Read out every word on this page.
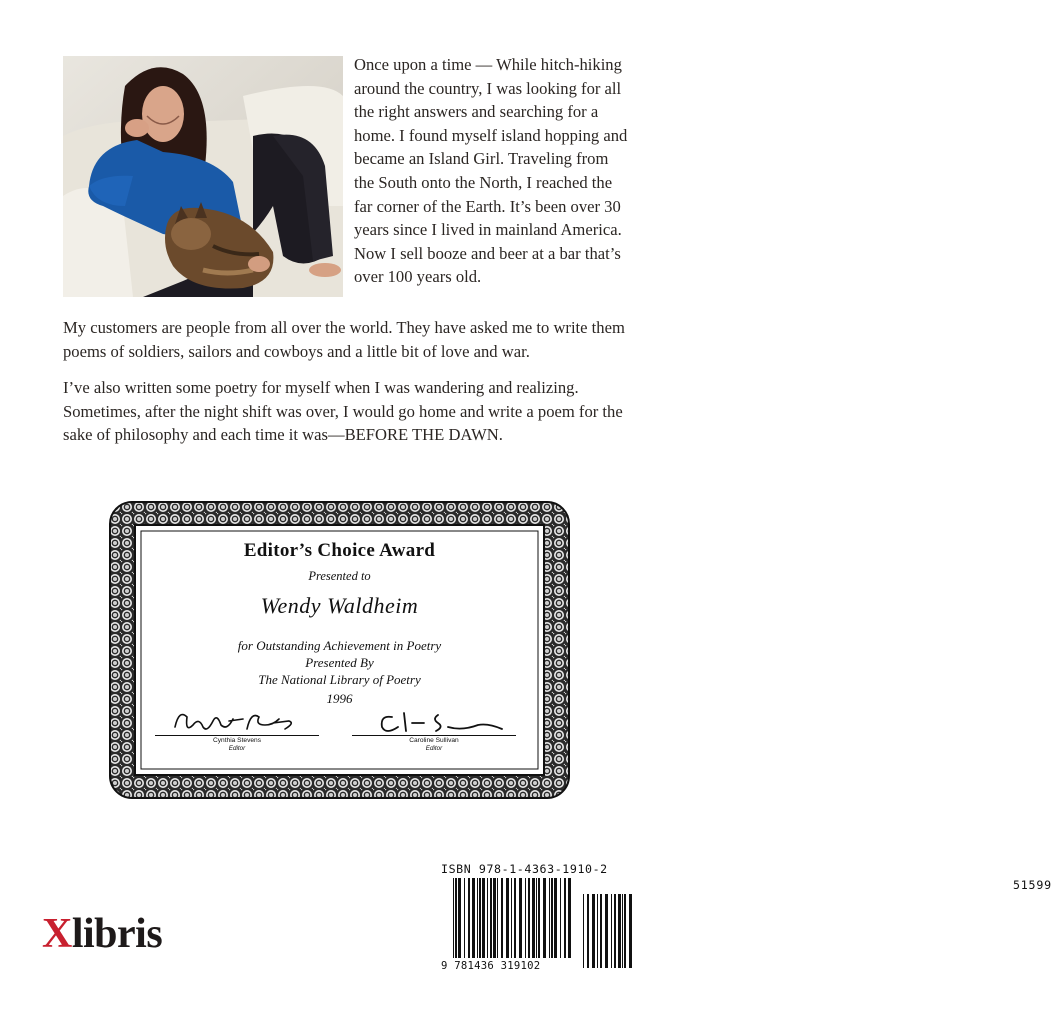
Once upon a time — While hitch-hiking around the country, I was looking for all the right answers and searching for a home. I found myself island hopping and became an Island Girl. Traveling from the South onto the North, I reached the far corner of the Earth. It’s been over 30 years since I lived in mainland America. Now I sell booze and beer at a bar that’s over 100 years old.

My customers are people from all over the world. They have asked me to write them poems of soldiers, sailors and cowboys and a little bit of love and war.

I’ve also written some poetry for myself when I was wandering and realizing. Sometimes, after the night shift was over, I would go home and write a poem for the sake of philosophy and each time it was—BEFORE THE DAWN.

Editor’s Choice Award
Presented to
Wendy Waldheim
for Outstanding Achievement in Poetry
Presented By
The National Library of Poetry
1996
Cynthia Stevens
Editor
Caroline Sullivan
Editor
Xlibris
ISBN 978-1-4363-1910-2
51599
9 781436 319102
